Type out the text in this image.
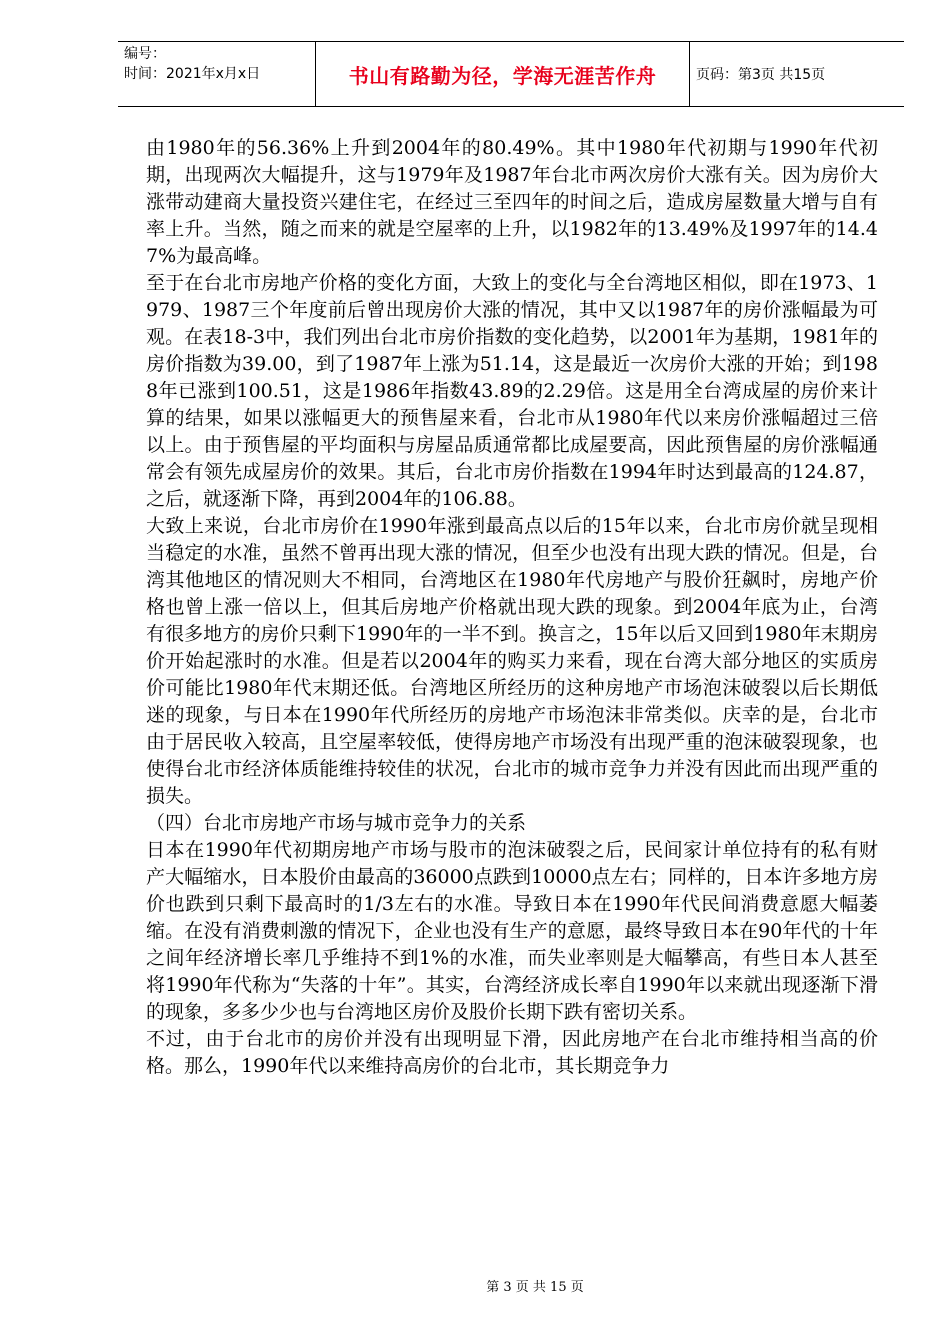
编号：
时间：2021年x月x日	书山有路勤为径，学海无涯苦作舟	页码：第3页 共15页

由1980年的56.36%上升到2004年的80.49%。其中1980年代初期与1990年代初期，出现两次大幅提升，这与1979年及1987年台北市两次房价大涨有关。因为房价大涨带动建商大量投资兴建住宅，在经过三至四年的时间之后，造成房屋数量大增与自有率上升。当然，随之而来的就是空屋率的上升，以1982年的13.49%及1997年的14.47%为最高峰。

至于在台北市房地产价格的变化方面，大致上的变化与全台湾地区相似，即在1973、1979、1987三个年度前后曾出现房价大涨的情况，其中又以1987年的房价涨幅最为可观。在表18-3中，我们列出台北市房价指数的变化趋势，以2001年为基期，1981年的房价指数为39.00，到了1987年上涨为51.14，这是最近一次房价大涨的开始；到1988年已涨到100.51，这是1986年指数43.89的2.29倍。这是用全台湾成屋的房价来计算的结果，如果以涨幅更大的预售屋来看，台北市从1980年代以来房价涨幅超过三倍以上。由于预售屋的平均面积与房屋品质通常都比成屋要高，因此预售屋的房价涨幅通常会有领先成屋房价的效果。其后，台北市房价指数在1994年时达到最高的124.87，之后，就逐渐下降，再到2004年的106.88。

大致上来说，台北市房价在1990年涨到最高点以后的15年以来，台北市房价就呈现相当稳定的水准，虽然不曾再出现大涨的情况，但至少也没有出现大跌的情况。但是，台湾其他地区的情况则大不相同，台湾地区在1980年代房地产与股价狂飙时，房地产价格也曾上涨一倍以上，但其后房地产价格就出现大跌的现象。到2004年底为止，台湾有很多地方的房价只剩下1990年的一半不到。换言之，15年以后又回到1980年末期房价开始起涨时的水准。但是若以2004年的购买力来看，现在台湾大部分地区的实质房价可能比1980年代末期还低。台湾地区所经历的这种房地产市场泡沫破裂以后长期低迷的现象，与日本在1990年代所经历的房地产市场泡沫非常类似。庆幸的是，台北市由于居民收入较高，且空屋率较低，使得房地产市场没有出现严重的泡沫破裂现象，也使得台北市经济体质能维持较佳的状况，台北市的城市竞争力并没有因此而出现严重的损失。

（四）台北市房地产市场与城市竞争力的关系

日本在1990年代初期房地产市场与股市的泡沫破裂之后，民间家计单位持有的私有财产大幅缩水，日本股价由最高的36000点跌到10000点左右；同样的，日本许多地方房价也跌到只剩下最高时的1/3左右的水准。导致日本在1990年代民间消费意愿大幅萎缩。在没有消费刺激的情况下，企业也没有生产的意愿，最终导致日本在90年代的十年之间年经济增长率几乎维持不到1%的水准，而失业率则是大幅攀高，有些日本人甚至将1990年代称为“失落的十年”。其实，台湾经济成长率自1990年以来就出现逐渐下滑的现象，多多少少也与台湾地区房价及股价长期下跌有密切关系。

不过，由于台北市的房价并没有出现明显下滑，因此房地产在台北市维持相当高的价格。那么，1990年代以来维持高房价的台北市，其长期竞争力

第 3 页 共 15 页
